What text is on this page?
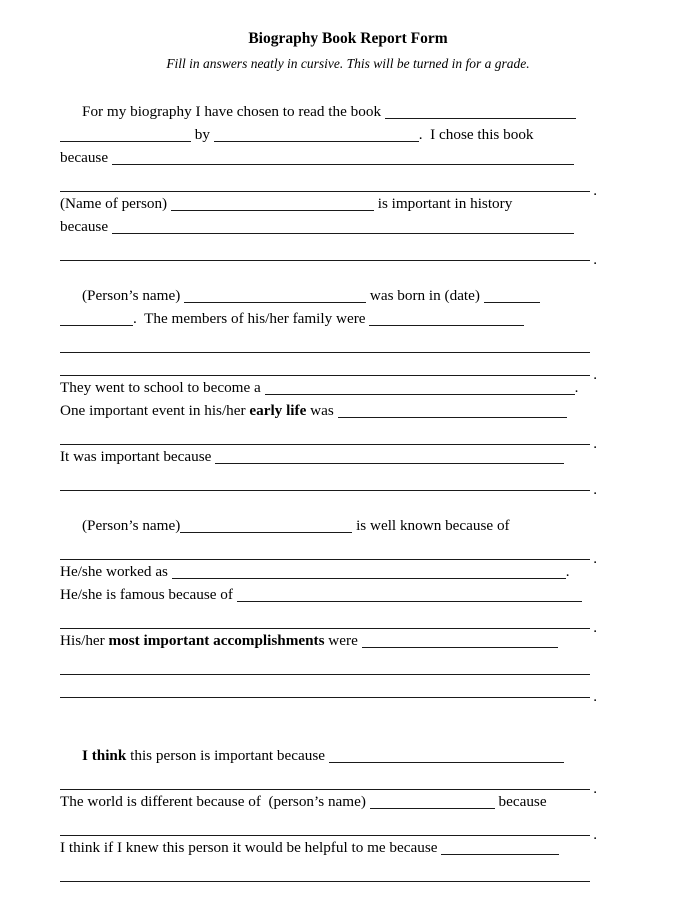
Biography Book Report Form
Fill in answers neatly in cursive. This will be turned in for a grade.
For my biography I have chosen to read the book
by	.  I chose this book
because
.
(Name of person)	is important in history
because
.
(Person’s name)	was born in (date)
.  The members of his/her family were
.
They went to school to become a	.
One important event in his/her early life was
.
It was important because
.
(Person’s name)	is well known because of
.
He/she worked as	.
He/she is famous because of
.
His/her most important accomplishments were
.
I think this person is important because
.
The world is different because of  (person’s name)	because
.
I think if I knew this person it would be helpful to me because
